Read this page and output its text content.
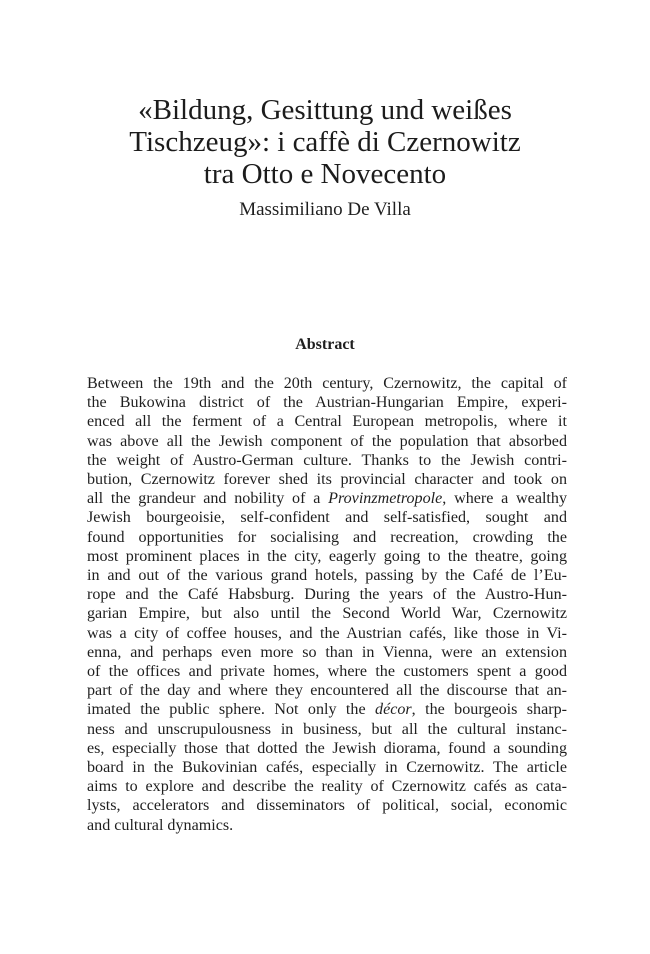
«Bildung, Gesittung und weißes
Tischzeug»: i caffè di Czernowitz
tra Otto e Novecento

Massimiliano De Villa

Abstract
Between the 19th and the 20th century, Czernowitz, the capital of
the Bukowina district of the Austrian-Hungarian Empire, experi-
enced all the ferment of a Central European metropolis, where it
was above all the Jewish component of the population that absorbed
the weight of Austro-German culture. Thanks to the Jewish contri-
bution, Czernowitz forever shed its provincial character and took on
all the grandeur and nobility of a Provinzmetropole, where a wealthy
Jewish bourgeoisie, self-confident and self-satisfied, sought and
found opportunities for socialising and recreation, crowding the
most prominent places in the city, eagerly going to the theatre, going
in and out of the various grand hotels, passing by the Café de l’Eu-
rope and the Café Habsburg. During the years of the Austro-Hun-
garian Empire, but also until the Second World War, Czernowitz
was a city of coffee houses, and the Austrian cafés, like those in Vi-
enna, and perhaps even more so than in Vienna, were an extension
of the offices and private homes, where the customers spent a good
part of the day and where they encountered all the discourse that an-
imated the public sphere. Not only the décor, the bourgeois sharp-
ness and unscrupulousness in business, but all the cultural instanc-
es, especially those that dotted the Jewish diorama, found a sounding
board in the Bukovinian cafés, especially in Czernowitz. The article
aims to explore and describe the reality of Czernowitz cafés as cata-
lysts, accelerators and disseminators of political, social, economic
and cultural dynamics.
